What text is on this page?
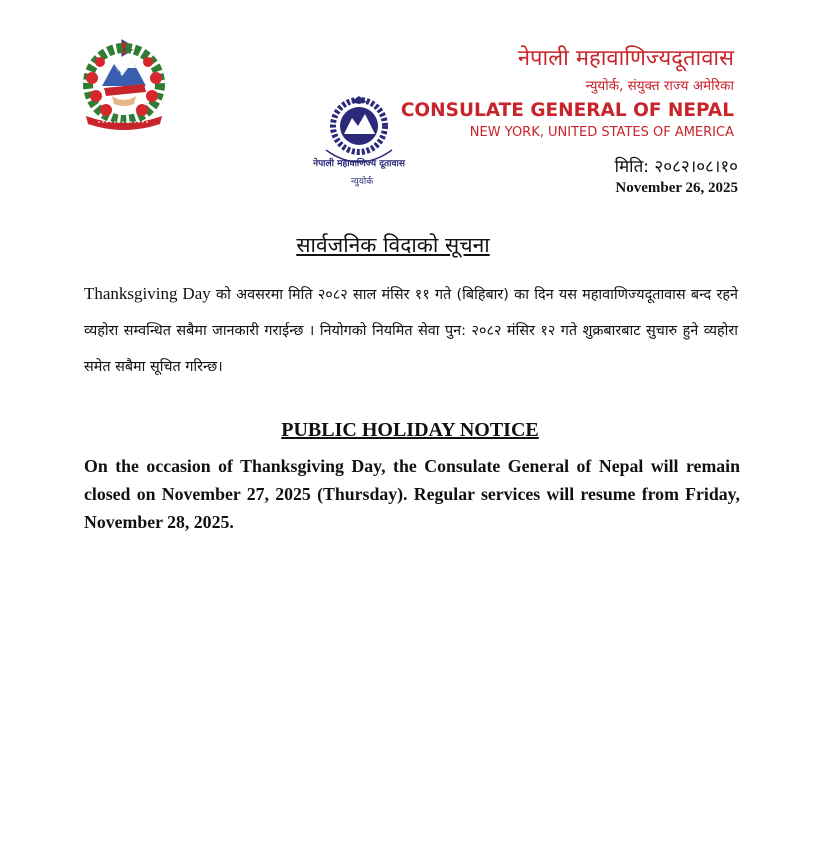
नेपाली महावाणिज्य दूतावास
न्युयोर्क
नेपाली महावाणिज्यदूतावास
न्युयोर्क, संयुक्त राज्य अमेरिका
CONSULATE GENERAL OF NEPAL
NEW YORK, UNITED STATES OF AMERICA
मिति: २०८२।०८।१०
November 26, 2025
सार्वजनिक विदाको सूचना
Thanksgiving Day को अवसरमा मिति २०८२ साल मंसिर ११ गते (बिहिबार) का दिन यस महावाणिज्यदूतावास बन्द रहने व्यहोरा सम्वन्धित सबैमा जानकारी गराईन्छ । नियोगको नियमित सेवा पुन: २०८२ मंसिर १२ गते शुक्रबारबाट सुचारु हुने व्यहोरा समेत सबैमा सूचित गरिन्छ।
PUBLIC HOLIDAY NOTICE
On the occasion of Thanksgiving Day, the Consulate General of Nepal will remain closed on November 27, 2025 (Thursday). Regular services will resume from Friday, November 28, 2025.
